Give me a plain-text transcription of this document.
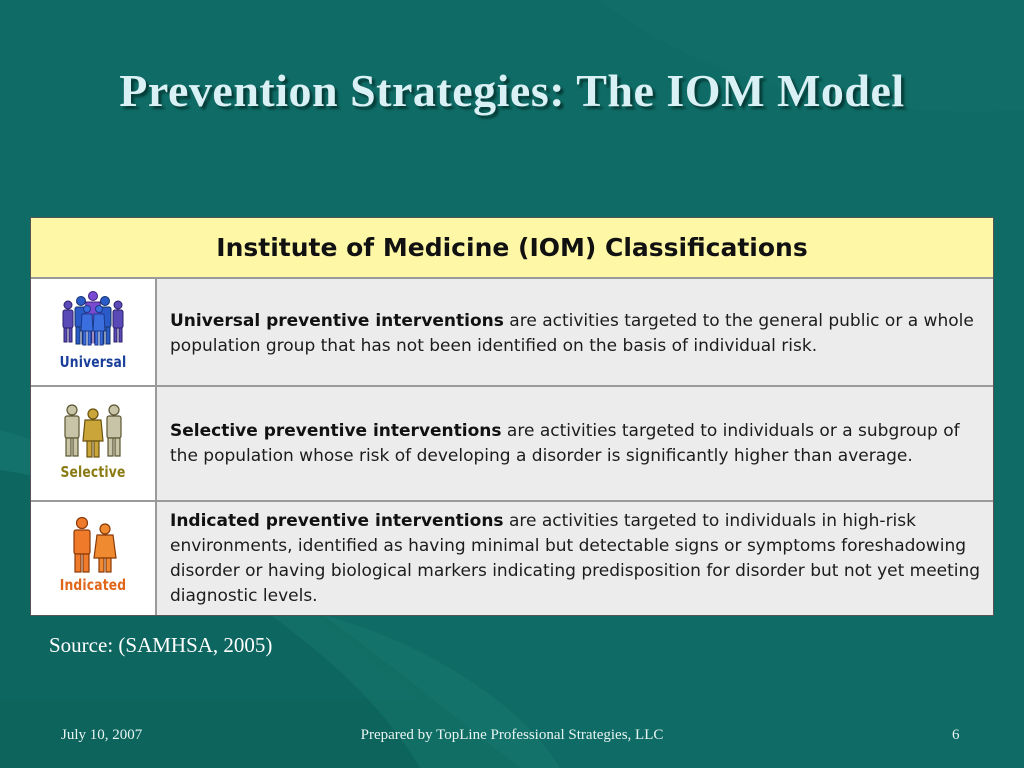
Prevention Strategies: The IOM Model
Institute of Medicine (IOM) Classifications
Universal
Universal preventive interventions are activities targeted to the general public or a whole population group that has not been identified on the basis of individual risk.
Selective
Selective preventive interventions are activities targeted to individuals or a subgroup of the population whose risk of developing a disorder is significantly higher than average.
Indicated
Indicated preventive interventions are activities targeted to individuals in high-risk environments, identified as having minimal but detectable signs or symptoms foreshadowing disorder or having biological markers indicating predisposition for disorder but not yet meeting diagnostic levels.
Source: (SAMHSA, 2005)
July 10, 2007	Prepared by TopLine Professional Strategies, LLC	6
